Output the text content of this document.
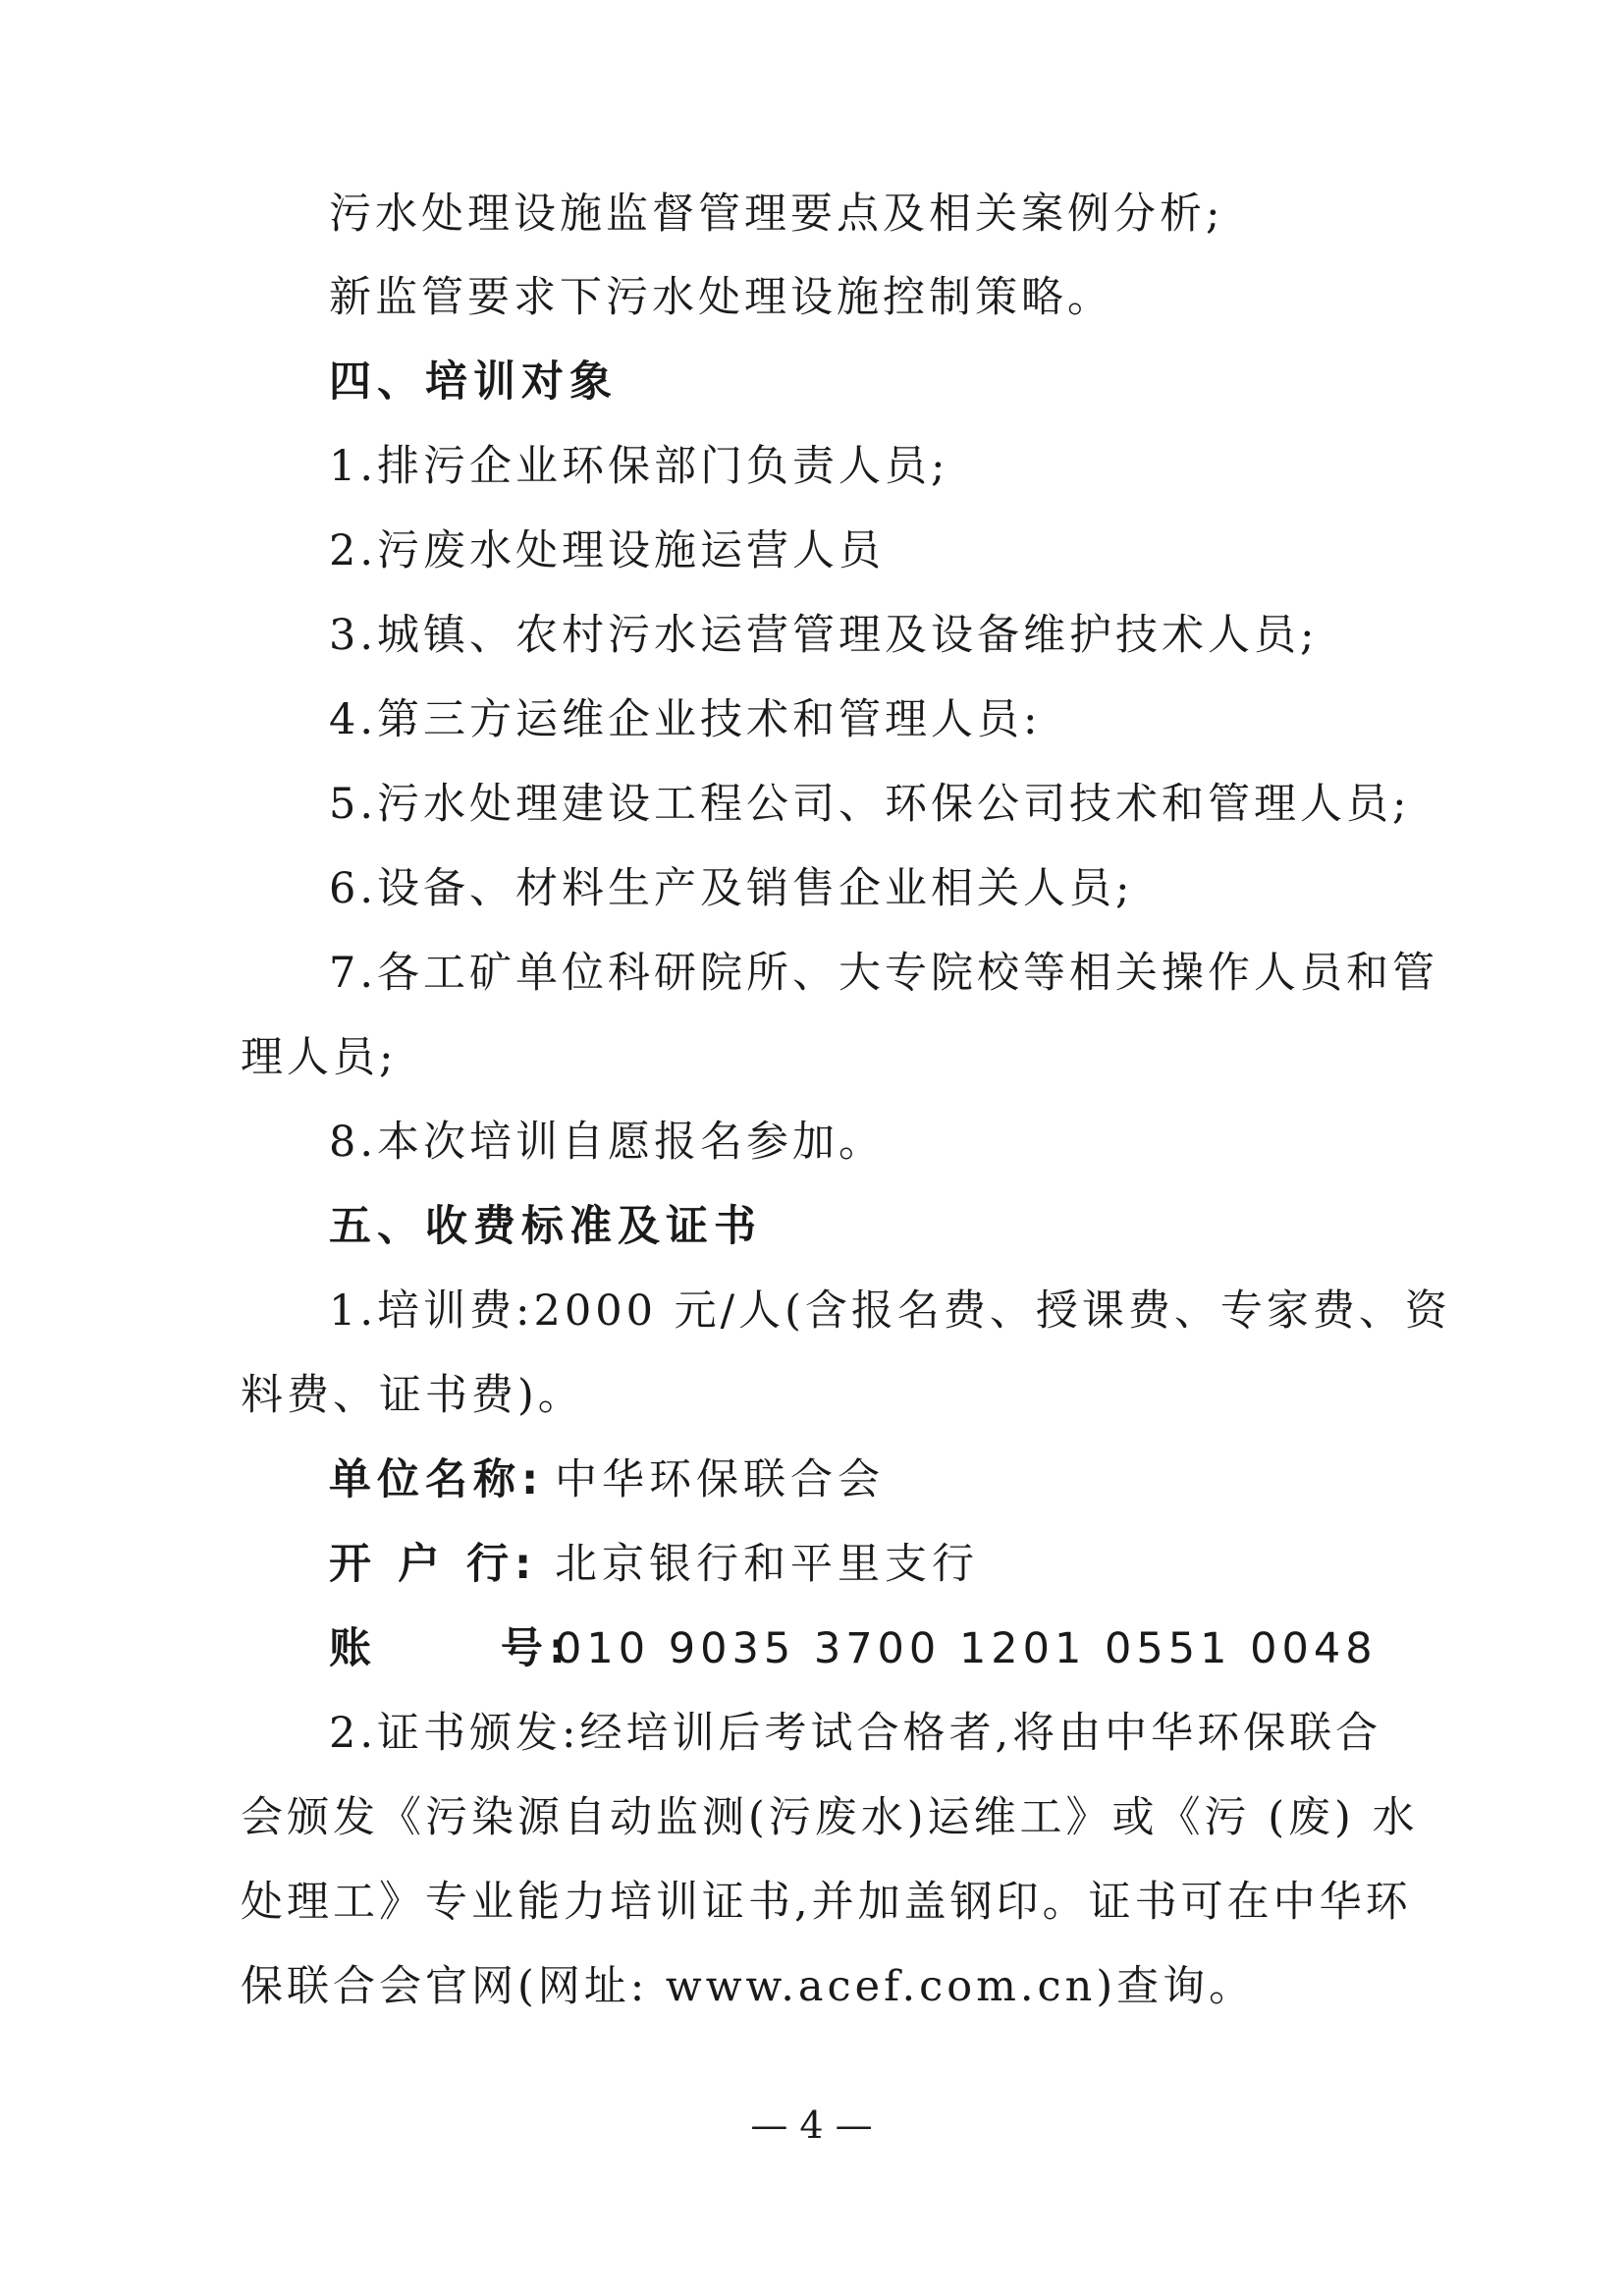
污水处理设施监督管理要点及相关案例分析;
新监管要求下污水处理设施控制策略。
四、培训对象
1.排污企业环保部门负责人员;
2.污废水处理设施运营人员
3.城镇、农村污水运营管理及设备维护技术人员;
4.第三方运维企业技术和管理人员:
5.污水处理建设工程公司、环保公司技术和管理人员;
6.设备、材料生产及销售企业相关人员;
7.各工矿单位科研院所、大专院校等相关操作人员和管
理人员;
8.本次培训自愿报名参加。
五、收费标准及证书
1.培训费:2000 元/人(含报名费、授课费、专家费、资
料费、证书费)。
单位名称: 中华环保联合会
开 户 行: 北京银行和平里支行
账      号:010 9035 3700 1201 0551 0048
2.证书颁发:经培训后考试合格者,将由中华环保联合
会颁发《污染源自动监测(污废水)运维工》或《污 (废) 水
处理工》专业能力培训证书,并加盖钢印。证书可在中华环
保联合会官网(网址: www.acef.com.cn)查询。
— 4 —
